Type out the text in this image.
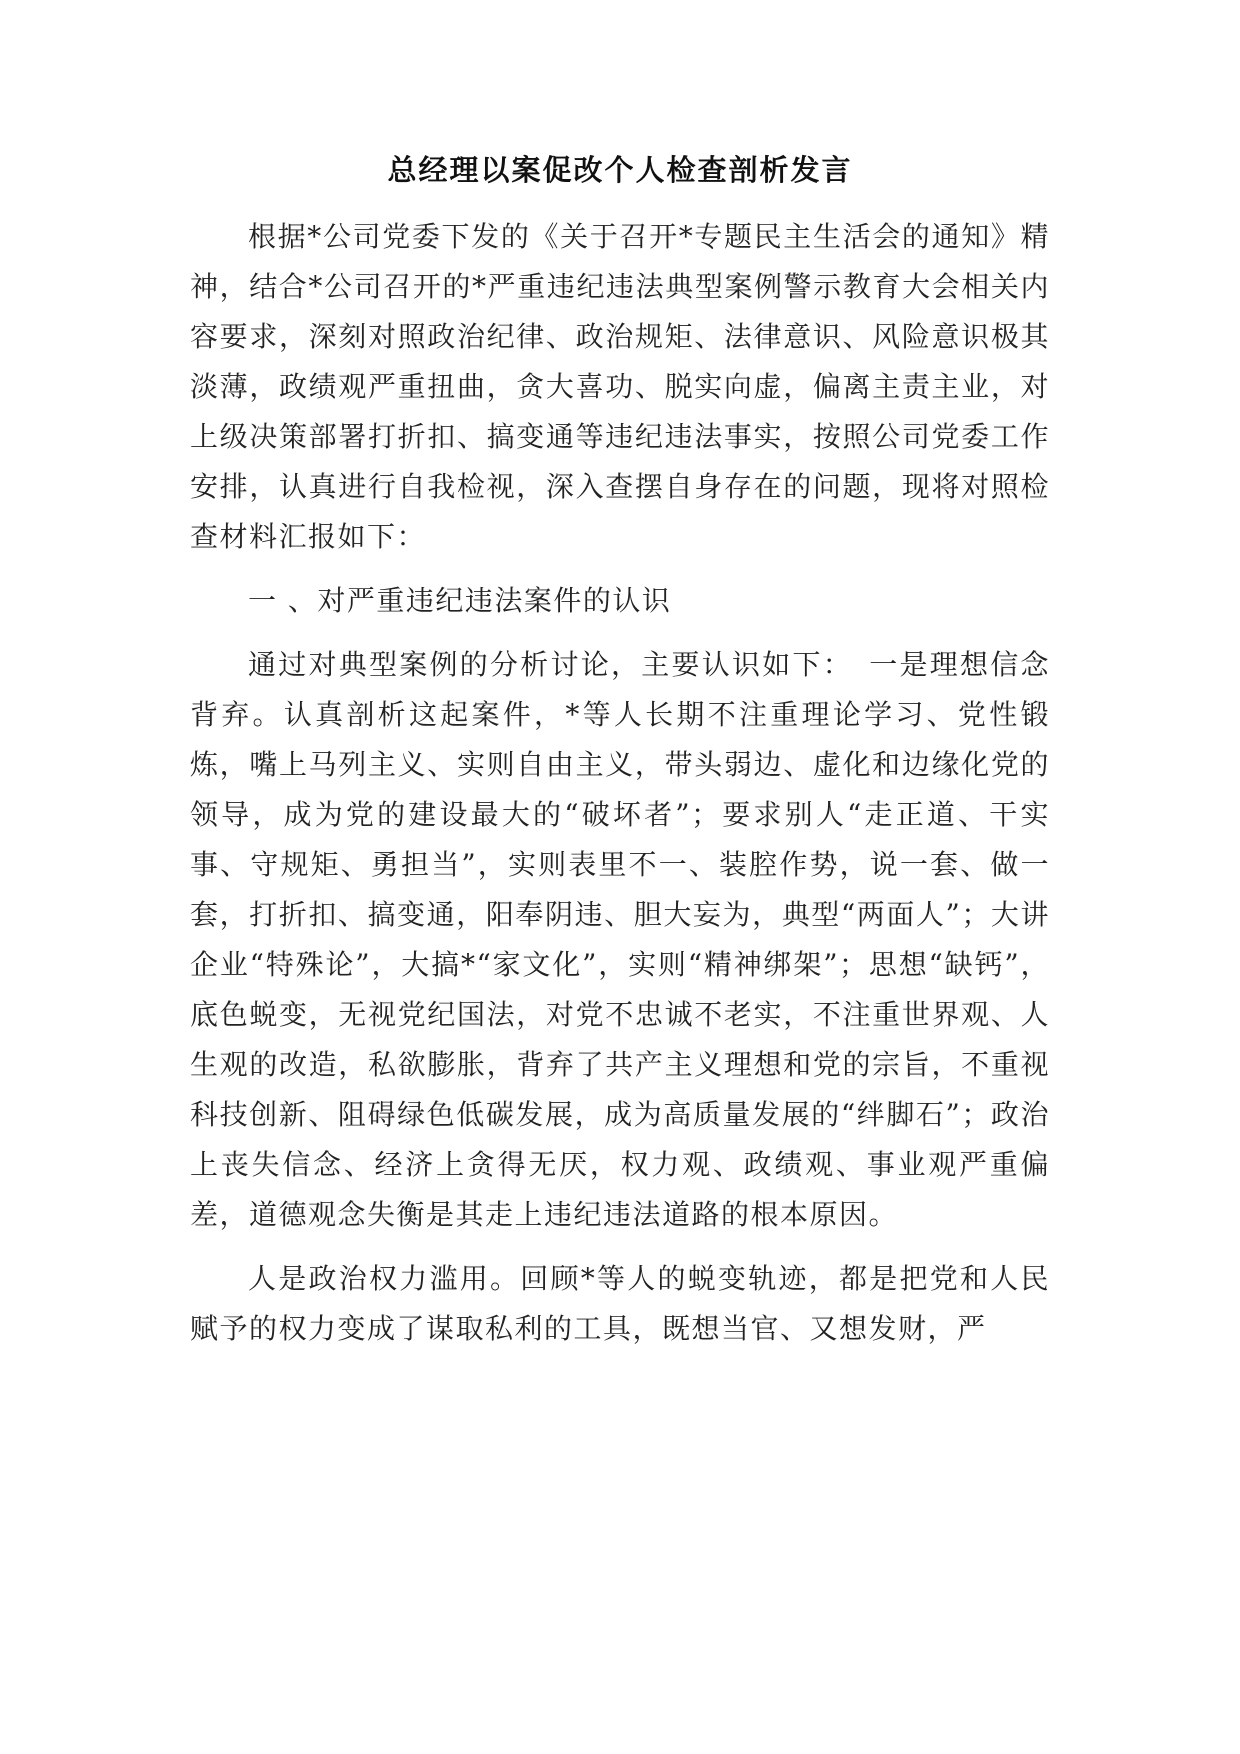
总经理以案促改个人检查剖析发言

根据*公司党委下发的《关于召开*专题民主生活会的通知》精神，结合*公司召开的*严重违纪违法典型案例警示教育大会相关内容要求，深刻对照政治纪律、政治规矩、法律意识、风险意识极其淡薄，政绩观严重扭曲，贪大喜功、脱实向虚，偏离主责主业，对上级决策部署打折扣、搞变通等违纪违法事实，按照公司党委工作安排，认真进行自我检视，深入查摆自身存在的问题，现将对照检查材料汇报如下：

一 、对严重违纪违法案件的认识

通过对典型案例的分析讨论，主要认识如下：　一是理想信念背弃。认真剖析这起案件，*等人长期不注重理论学习、党性锻炼，嘴上马列主义、实则自由主义，带头弱边、虚化和边缘化党的领导，成为党的建设最大的“破坏者”；要求别人“走正道、干实事、守规矩、勇担当”，实则表里不一、装腔作势，说一套、做一套，打折扣、搞变通，阳奉阴违、胆大妄为，典型“两面人”；大讲企业“特殊论”，大搞*“家文化”，实则“精神绑架”；思想“缺钙”，底色蜕变，无视党纪国法，对党不忠诚不老实，不注重世界观、人生观的改造，私欲膨胀，背弃了共产主义理想和党的宗旨，不重视科技创新、阻碍绿色低碳发展，成为高质量发展的“绊脚石”；政治上丧失信念、经济上贪得无厌，权力观、政绩观、事业观严重偏差，道德观念失衡是其走上违纪违法道路的根本原因。

人是政治权力滥用。回顾*等人的蜕变轨迹，都是把党和人民赋予的权力变成了谋取私利的工具，既想当官、又想发财，严
